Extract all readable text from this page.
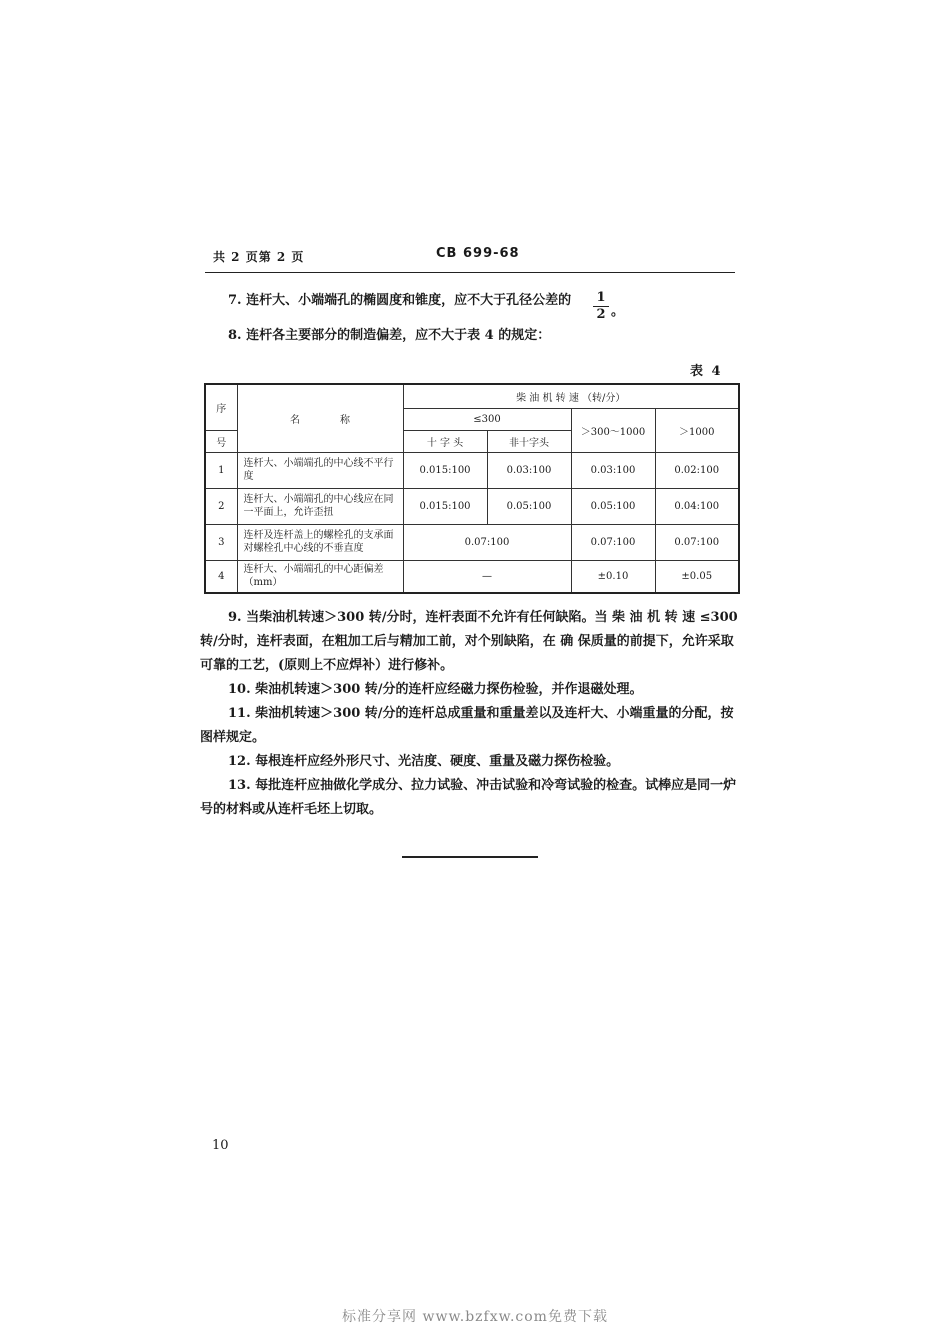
共 2 页第 2 页	CB 699-68
7. 连杆大、小端端孔的椭圆度和锥度，应不大于孔径公差的 1
2 。
8. 连杆各主要部分的制造偏差，应不大于表 4 的规定：
表 4
序	名　　　　称	柴 油 机 转 速 （转/分）			
		≤300		＞300～1000	＞1000
号		十 字 头	非十字头		
1	连杆大、小端端孔的中心线不平行度	0.015:100	0.03:100	0.03:100	0.02:100
2	连杆大、小端端孔的中心线应在同一平面上，允许歪扭	0.015:100	0.05:100	0.05:100	0.04:100
3	连杆及连杆盖上的螺栓孔的支承面对螺栓孔中心线的不垂直度	0.07:100		0.07:100	0.07:100
4	连杆大、小端端孔的中心距偏差（mm）	—		±0.10	±0.05
9. 当柴油机转速＞300 转/分时，连杆表面不允许有任何缺陷。当 柴 油 机 转 速 ≤300 转/分时，连杆表面，在粗加工后与精加工前，对个别缺陷，在 确 保质量的前提下，允许采取可靠的工艺，(原则上不应焊补）进行修补。
10. 柴油机转速＞300 转/分的连杆应经磁力探伤检验，并作退磁处理。
11. 柴油机转速＞300 转/分的连杆总成重量和重量差以及连杆大、小端重量的分配，按图样规定。
12. 每根连杆应经外形尺寸、光洁度、硬度、重量及磁力探伤检验。
13. 每批连杆应抽做化学成分、拉力试验、冲击试验和冷弯试验的检查。试棒应是同一炉号的材料或从连杆毛坯上切取。
10
标准分享网 www.bzfxw.com免费下载
